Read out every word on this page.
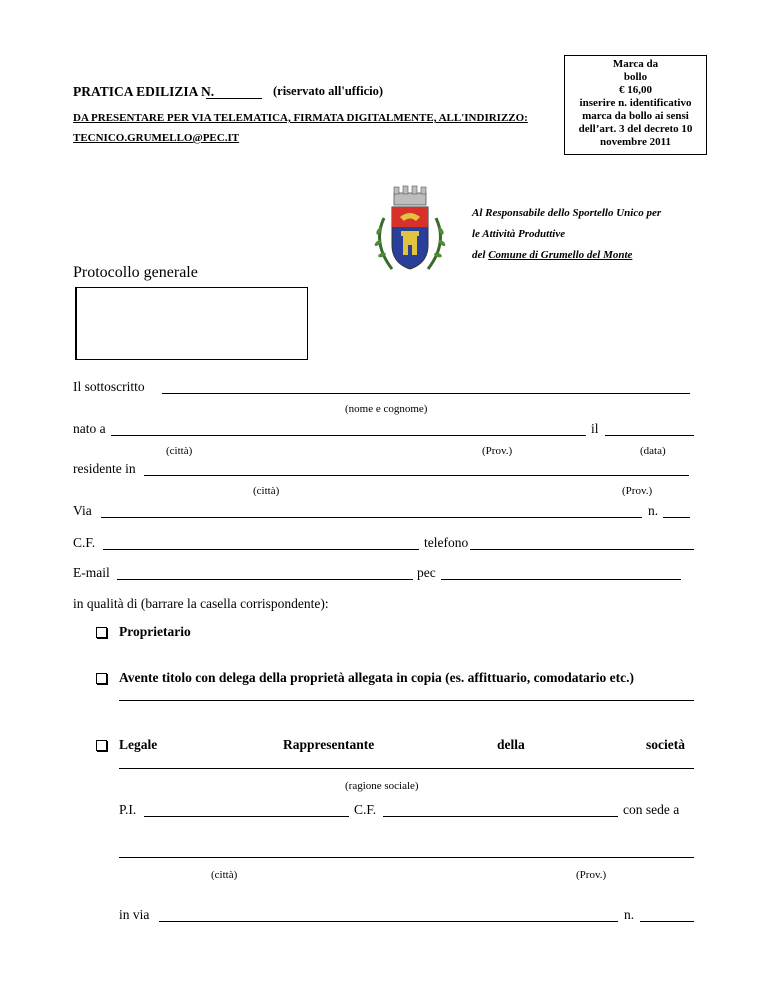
PRATICA EDILIZIA N.	(riservato all'ufficio)
DA PRESENTARE PER VIA TELEMATICA, FIRMATA DIGITALMENTE, ALL'INDIRIZZO:
TECNICO.GRUMELLO@PEC.IT
Marca da
bollo
€ 16,00
inserire n. identificativo
marca da bollo ai sensi
dell’art. 3 del decreto 10
novembre 2011
Al Responsabile dello Sportello Unico per
le Attività Produttive
del Comune di Grumello del Monte
Protocollo generale
Il sottoscritto
(nome e cognome)
nato a	il
(città)	(Prov.)	(data)
residente in
(città)	(Prov.)
Via	n.
C.F.	telefono
E-mail	pec
in qualità di (barrare la casella corrispondente):
Proprietario
Avente titolo con delega della proprietà allegata in copia (es. affittuario, comodatario etc.)
Legale	Rappresentante	della	società
(ragione sociale)
P.I.	C.F.	con sede a
(città)	(Prov.)
in via	n.
